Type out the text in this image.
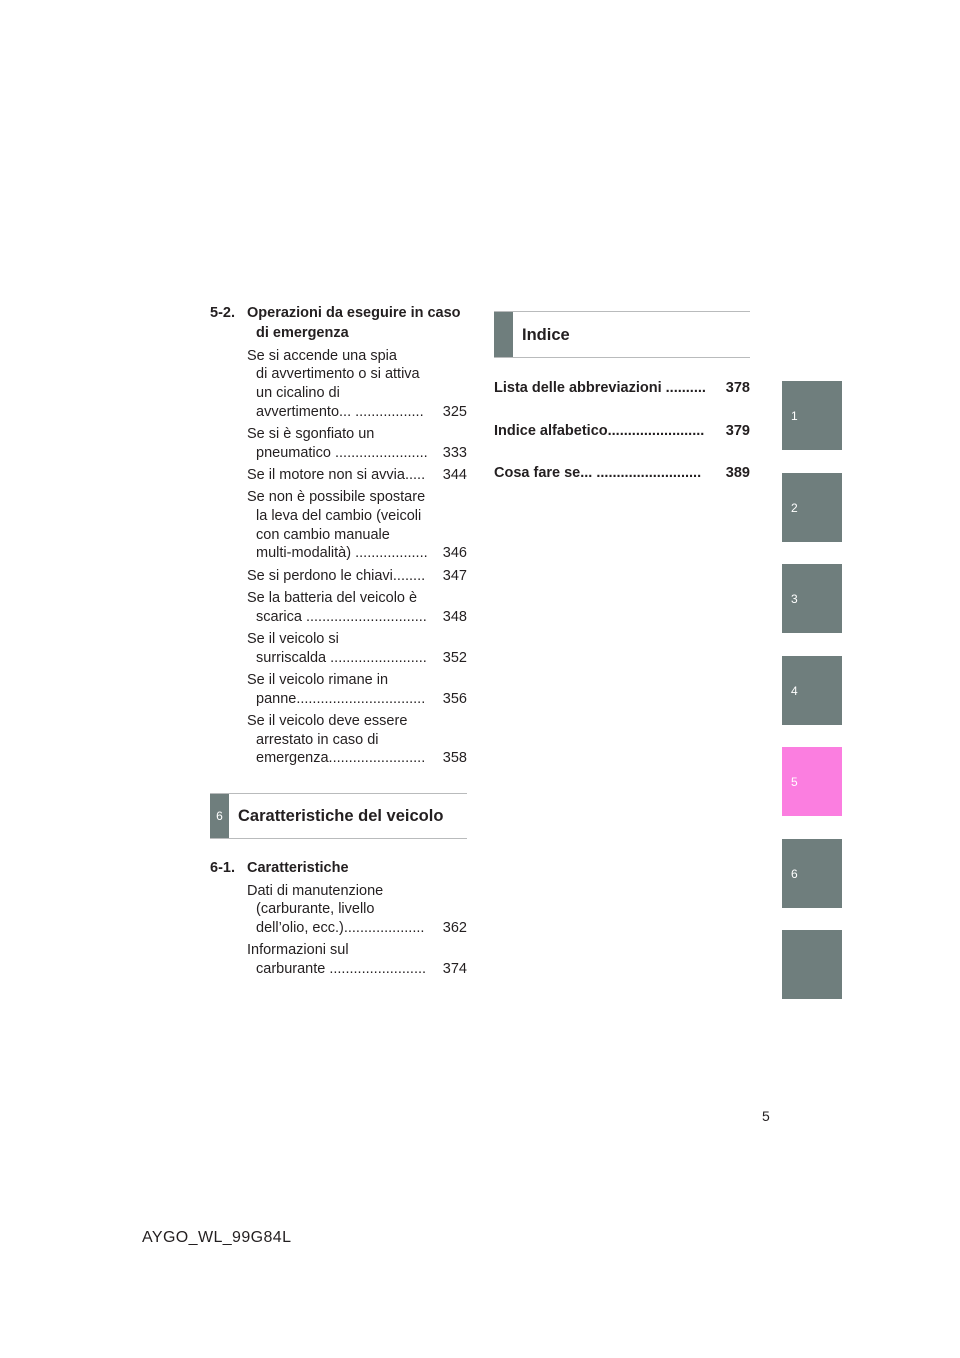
5-2. Operazioni da eseguire in caso di emergenza
Se si accende una spia
di avvertimento o si attiva
un cicalino di
avvertimento... .................	325
Se si è sgonfiato un
pneumatico .......................	333
Se il motore non si avvia.....	344
Se non è possibile spostare
la leva del cambio (veicoli
con cambio manuale
multi-modalità) ..................	346
Se si perdono le chiavi........	347
Se la batteria del veicolo è
scarica ..............................	348
Se il veicolo si
surriscalda ........................	352
Se il veicolo rimane in
panne................................	356
Se il veicolo deve essere
arrestato in caso di
emergenza........................	358
6 Caratteristiche del veicolo
6-1. Caratteristiche
Dati di manutenzione
(carburante, livello
dell’olio, ecc.)....................	362
Informazioni sul
carburante ........................	374
Indice
Lista delle abbreviazioni ..........	378
Indice alfabetico........................	379
Cosa fare se... ..........................	389
1
2
3
4
5
6
5
AYGO_WL_99G84L
